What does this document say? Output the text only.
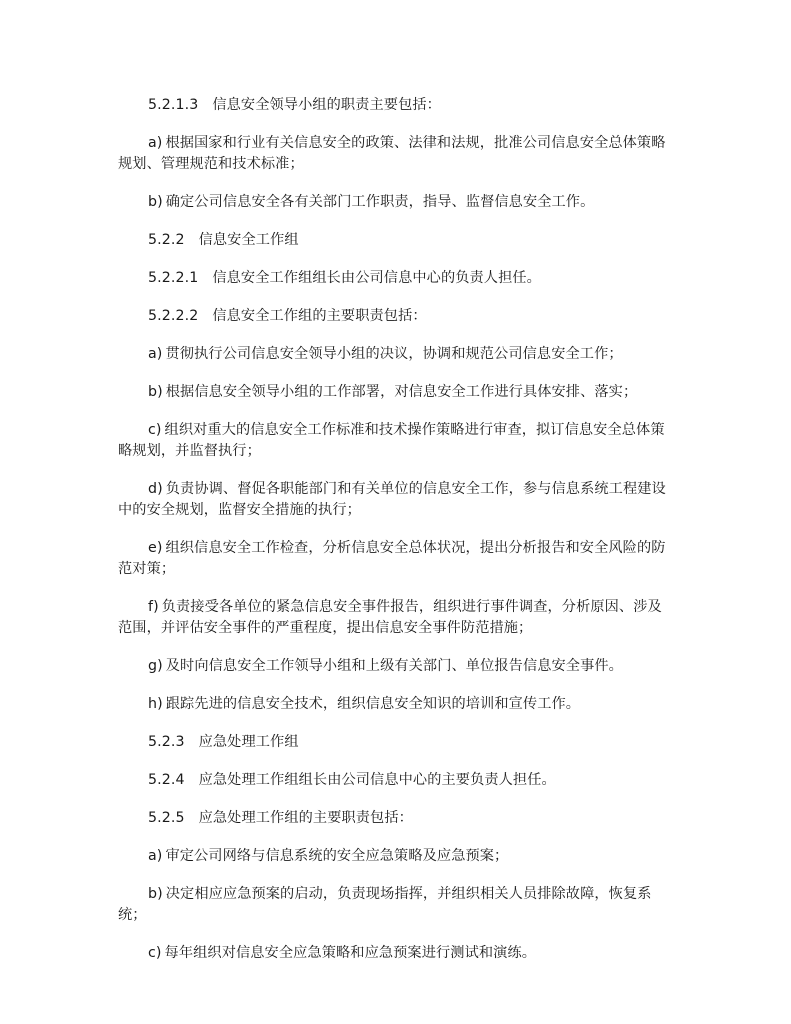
5.2.1.3 信息安全领导小组的职责主要包括：

a) 根据国家和行业有关信息安全的政策、法律和法规，批准公司信息安全总体策略规划、管理规范和技术标准；

b) 确定公司信息安全各有关部门工作职责，指导、监督信息安全工作。

5.2.2 信息安全工作组

5.2.2.1 信息安全工作组组长由公司信息中心的负责人担任。

5.2.2.2 信息安全工作组的主要职责包括：

a) 贯彻执行公司信息安全领导小组的决议，协调和规范公司信息安全工作；

b) 根据信息安全领导小组的工作部署，对信息安全工作进行具体安排、落实；

c) 组织对重大的信息安全工作标准和技术操作策略进行审查，拟订信息安全总体策略规划，并监督执行；

d) 负责协调、督促各职能部门和有关单位的信息安全工作，参与信息系统工程建设中的安全规划，监督安全措施的执行；

e) 组织信息安全工作检查，分析信息安全总体状况，提出分析报告和安全风险的防范对策；

f) 负责接受各单位的紧急信息安全事件报告，组织进行事件调查，分析原因、涉及范围，并评估安全事件的严重程度，提出信息安全事件防范措施；

g) 及时向信息安全工作领导小组和上级有关部门、单位报告信息安全事件。

h) 跟踪先进的信息安全技术，组织信息安全知识的培训和宣传工作。

5.2.3 应急处理工作组

5.2.4 应急处理工作组组长由公司信息中心的主要负责人担任。

5.2.5 应急处理工作组的主要职责包括：

a) 审定公司网络与信息系统的安全应急策略及应急预案；

b) 决定相应应急预案的启动，负责现场指挥，并组织相关人员排除故障，恢复系统；

c) 每年组织对信息安全应急策略和应急预案进行测试和演练。
